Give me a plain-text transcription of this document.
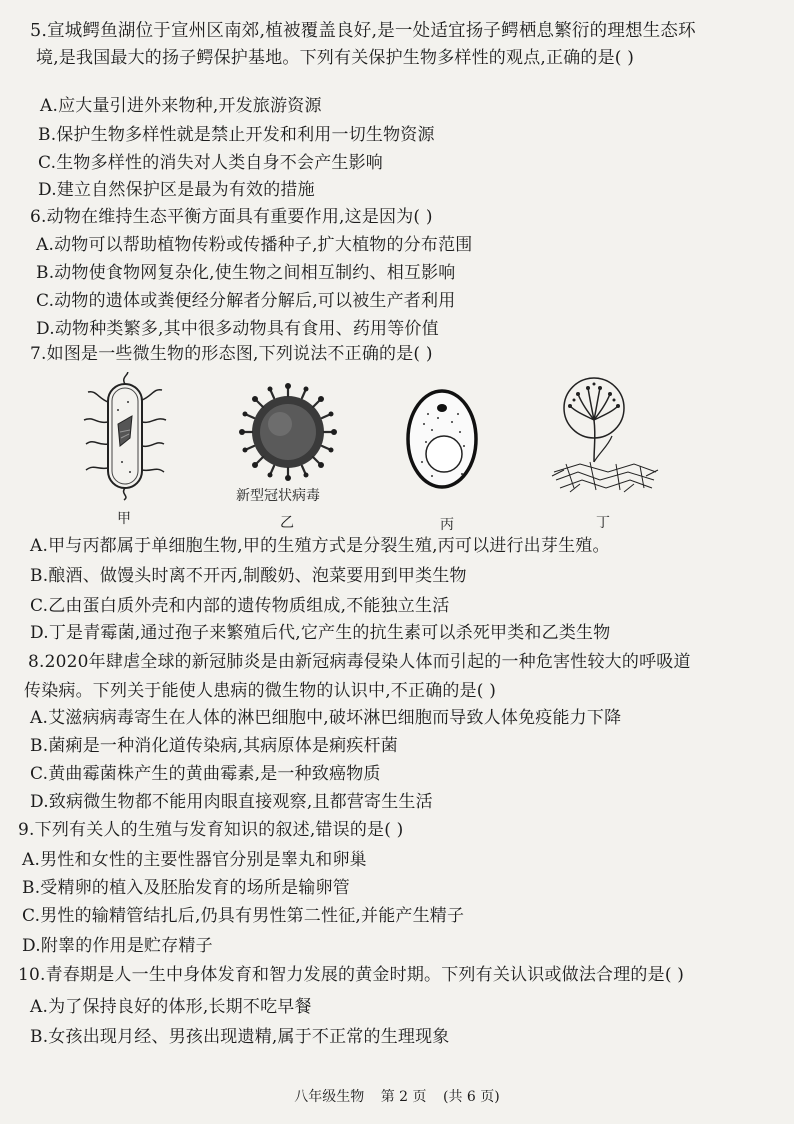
5.宣城鳄鱼湖位于宣州区南郊,植被覆盖良好,是一处适宜扬子鳄栖息繁衍的理想生态环
境,是我国最大的扬子鳄保护基地。下列有关保护生物多样性的观点,正确的是( )
A.应大量引进外来物种,开发旅游资源
B.保护生物多样性就是禁止开发和利用一切生物资源
C.生物多样性的消失对人类自身不会产生影响
D.建立自然保护区是最为有效的措施
6.动物在维持生态平衡方面具有重要作用,这是因为( )
A.动物可以帮助植物传粉或传播种子,扩大植物的分布范围
B.动物使食物网复杂化,使生物之间相互制约、相互影响
C.动物的遗体或粪便经分解者分解后,可以被生产者利用
D.动物种类繁多,其中很多动物具有食用、药用等价值
7.如图是一些微生物的形态图,下列说法不正确的是( )
新型冠状病毒
甲	乙	丙	丁
A.甲与丙都属于单细胞生物,甲的生殖方式是分裂生殖,丙可以进行出芽生殖。
B.酿酒、做馒头时离不开丙,制酸奶、泡菜要用到甲类生物
C.乙由蛋白质外壳和内部的遗传物质组成,不能独立生活
D.丁是青霉菌,通过孢子来繁殖后代,它产生的抗生素可以杀死甲类和乙类生物
8.2020年肆虐全球的新冠肺炎是由新冠病毒侵染人体而引起的一种危害性较大的呼吸道
传染病。下列关于能使人患病的微生物的认识中,不正确的是( )
A.艾滋病病毒寄生在人体的淋巴细胞中,破坏淋巴细胞而导致人体免疫能力下降
B.菌痢是一种消化道传染病,其病原体是痢疾杆菌
C.黄曲霉菌株产生的黄曲霉素,是一种致癌物质
D.致病微生物都不能用肉眼直接观察,且都营寄生生活
9.下列有关人的生殖与发育知识的叙述,错误的是( )
A.男性和女性的主要性器官分别是睾丸和卵巢
B.受精卵的植入及胚胎发育的场所是输卵管
C.男性的输精管结扎后,仍具有男性第二性征,并能产生精子
D.附睾的作用是贮存精子
10.青春期是人一生中身体发育和智力发展的黄金时期。下列有关认识或做法合理的是( )
A.为了保持良好的体形,长期不吃早餐
B.女孩出现月经、男孩出现遗精,属于不正常的生理现象
八年级生物 第 2 页 (共 6 页)
